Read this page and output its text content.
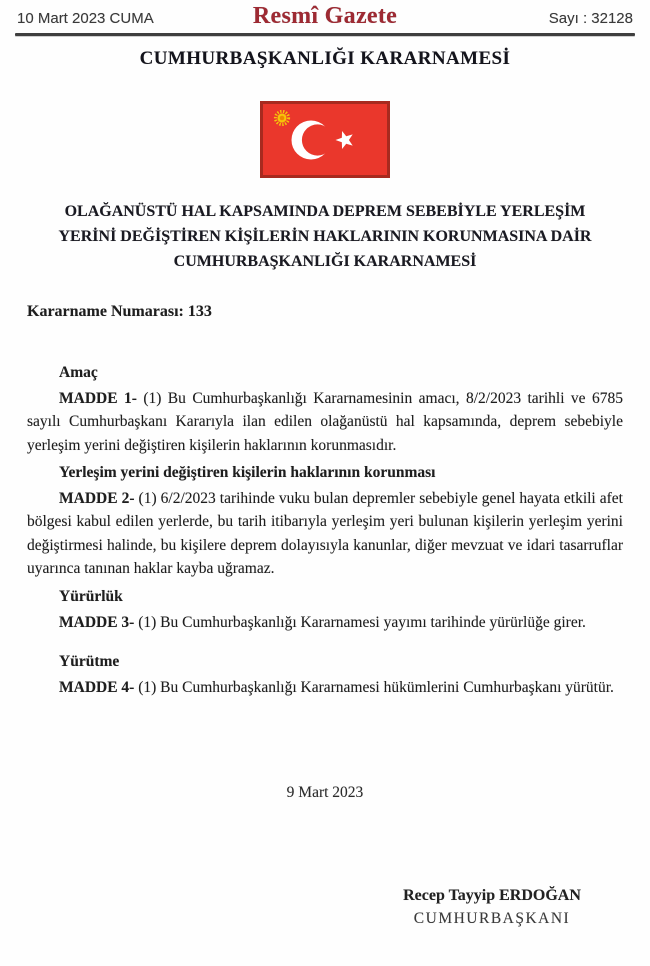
10 Mart 2023 CUMA	Resmî Gazete	Sayı : 32128
CUMHURBAŞKANLIĞI KARARNAMESİ
OLAĞANÜSTÜ HAL KAPSAMINDA DEPREM SEBEBİYLE YERLEŞİM
YERİNİ DEĞİŞTİREN KİŞİLERİN HAKLARININ KORUNMASINA DAİR
CUMHURBAŞKANLIĞI KARARNAMESİ
Kararname Numarası: 133

Amaç

MADDE 1- (1) Bu Cumhurbaşkanlığı Kararnamesinin amacı, 8/2/2023 tarihli ve 6785 sayılı Cumhurbaşkanı Kararıyla ilan edilen olağanüstü hal kapsamında, deprem sebebiyle yerleşim yerini değiştiren kişilerin haklarının korunmasıdır.

Yerleşim yerini değiştiren kişilerin haklarının korunması

MADDE 2- (1) 6/2/2023 tarihinde vuku bulan depremler sebebiyle genel hayata etkili afet bölgesi kabul edilen yerlerde, bu tarih itibarıyla yerleşim yeri bulunan kişilerin yerleşim yerini değiştirmesi halinde, bu kişilere deprem dolayısıyla kanunlar, diğer mevzuat ve idari tasarruflar uyarınca tanınan haklar kayba uğramaz.

Yürürlük

MADDE 3- (1) Bu Cumhurbaşkanlığı Kararnamesi yayımı tarihinde yürürlüğe girer.

Yürütme

MADDE 4- (1) Bu Cumhurbaşkanlığı Kararnamesi hükümlerini Cumhurbaşkanı yürütür.

9 Mart 2023
Recep Tayyip ERDOĞAN
CUMHURBAŞKANI
